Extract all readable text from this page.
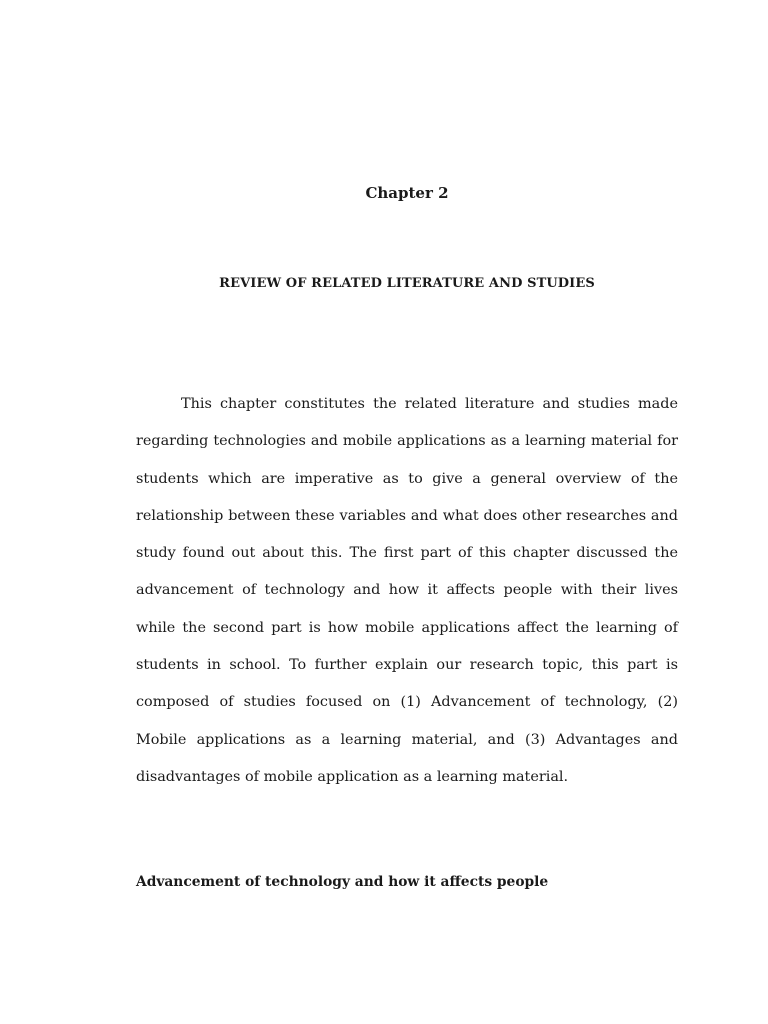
Chapter 2
REVIEW OF RELATED LITERATURE AND STUDIES

This chapter constitutes the related literature and studies made regarding technologies and mobile applications as a learning material for students which are imperative as to give a general overview of the relationship between these variables and what does other researches and study found out about this. The first part of this chapter discussed the advancement of technology and how it affects people with their lives while the second part is how mobile applications affect the learning of students in school. To further explain our research topic, this part is composed of studies focused on (1) Advancement of technology, (2) Mobile applications as a learning material, and (3) Advantages and disadvantages of mobile application as a learning material.

Advancement of technology and how it affects people
